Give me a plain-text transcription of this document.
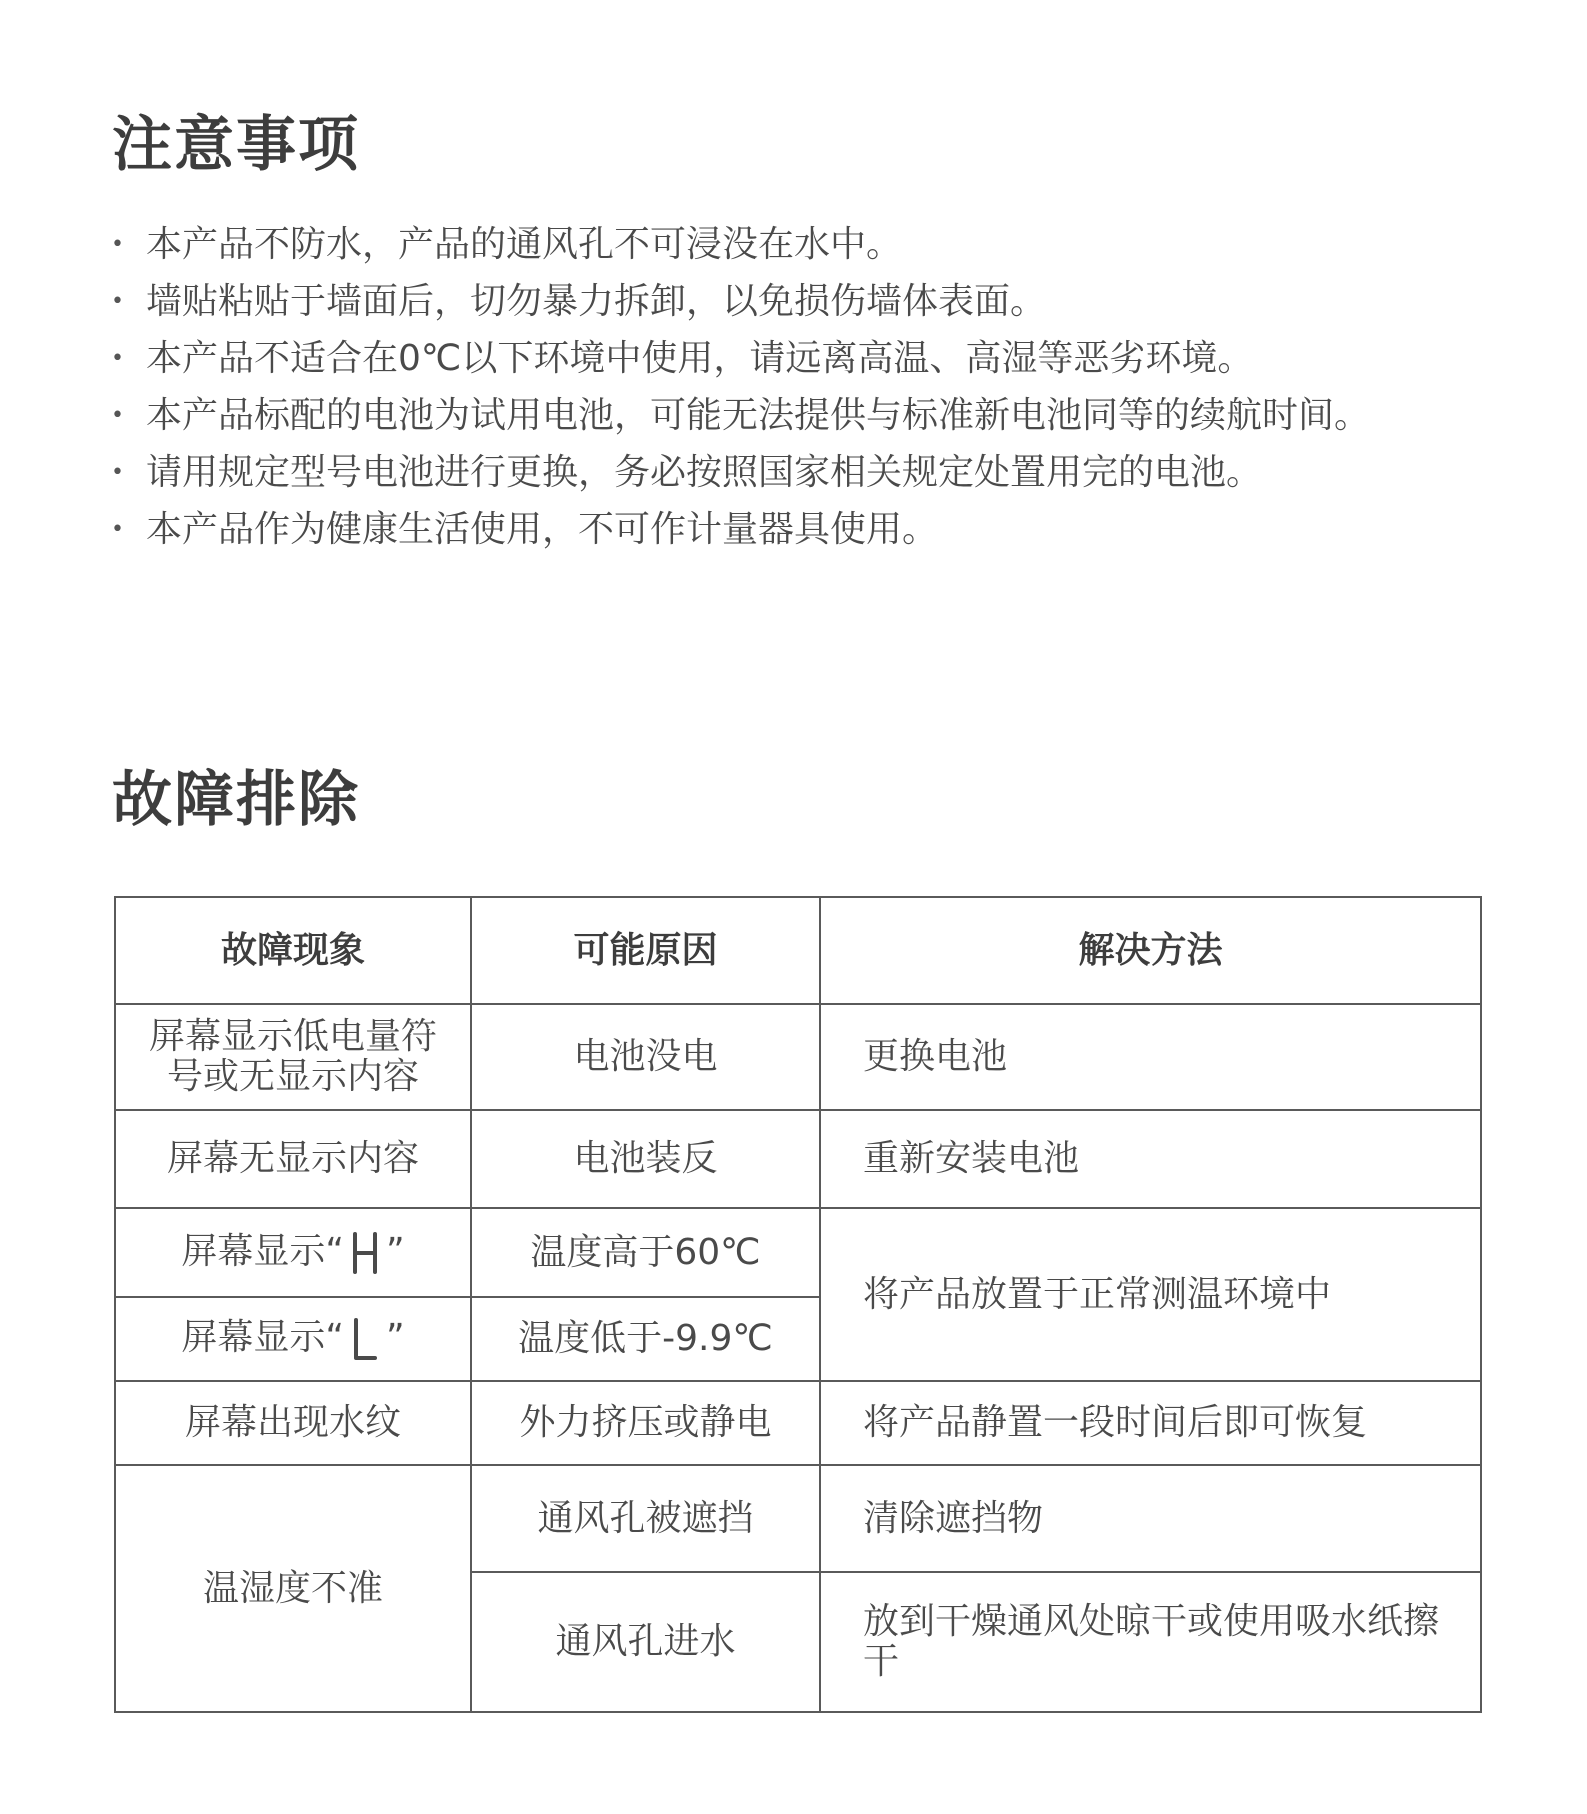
注意事项
• 本产品不防水，产品的通风孔不可浸没在水中。
• 墙贴粘贴于墙面后，切勿暴力拆卸，以免损伤墙体表面。
• 本产品不适合在0℃以下环境中使用，请远离高温、高湿等恶劣环境。
• 本产品标配的电池为试用电池，可能无法提供与标准新电池同等的续航时间。
• 请用规定型号电池进行更换，务必按照国家相关规定处置用完的电池。
• 本产品作为健康生活使用，不可作计量器具使用。
故障排除
故障现象	可能原因	解决方法
屏幕显示低电量符号或无显示内容	电池没电	更换电池
屏幕无显示内容	电池装反	重新安装电池
屏幕显示“ ”	温度高于60℃	将产品放置于正常测温环境中
屏幕显示“ ”	温度低于-9.9℃	
屏幕出现水纹	外力挤压或静电	将产品静置一段时间后即可恢复
温湿度不准	通风孔被遮挡	清除遮挡物
	通风孔进水	放到干燥通风处晾干或使用吸水纸擦干
